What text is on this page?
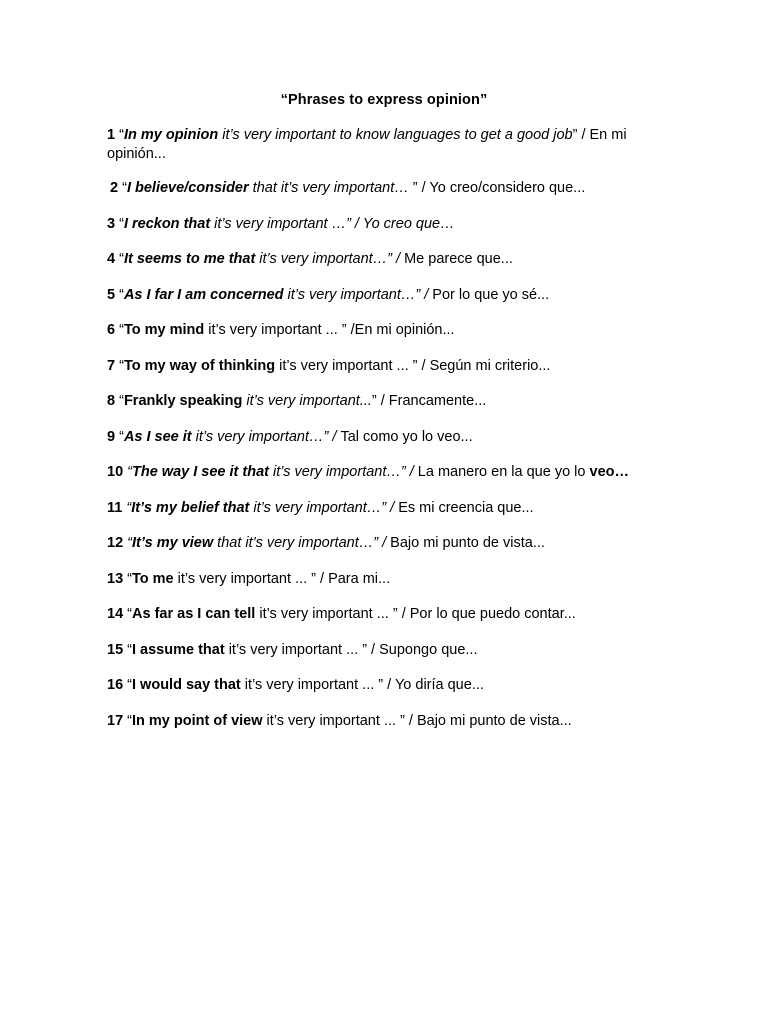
“Phrases to express opinion”
1 “In my opinion it’s very important to know languages to get a good job” / En mi opinión...
2 “I believe/consider that it’s very important… ” / Yo creo/considero que...
3 “I reckon that it’s very important …” / Yo creo que…
4 “It seems to me that it’s very important…” / Me parece que...
5 “As I far I am concerned it’s very important…” / Por lo que yo sé...
6 “To my mind it’s very important ... ” /En mi opinión...
7 “To my way of thinking it’s very important ... ” / Según mi criterio...
8 “Frankly speaking it’s very important...” / Francamente...
9 “As I see it it’s very important…” / Tal como yo lo veo...
10 “The way I see it that it’s very important…” / La manero en la que yo lo veo…
11 “It’s my belief that it’s very important…” / Es mi creencia que...
12 “It’s my view that it’s very important…” / Bajo mi punto de vista...
13 “To me it’s very important ... ” / Para mi...
14 “As far as I can tell it’s very important ... ” / Por lo que puedo contar...
15 “I assume that it’s very important ... ” / Supongo que...
16 “I would say that it’s very important ... ” / Yo diría que...
17 “In my point of view it’s very important ... ” / Bajo mi punto de vista...
